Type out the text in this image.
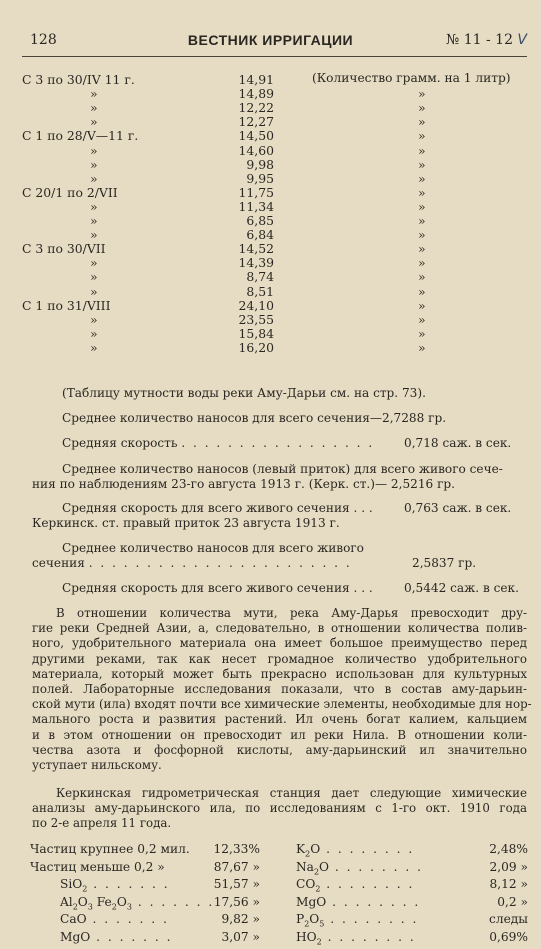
128	ВЕСТНИК ИРРИГАЦИИ	№ 11 - 12 V
(Количество грамм. на 1 литр)
С 3 по 30/IV 11 г.	14,91
»	14,89	»
»	12,22	»
»	12,27	»
С 1 по 28/V—11 г.	14,50	»
»	14,60	»
»	9,98	»
»	9,95	»
С 20/1 по 2/VII	11,75	»
»	11,34	»
»	6,85	»
»	6,84	»
С 3 по 30/VII	14,52	»
»	14,39	»
»	8,74	»
»	8,51	»
С 1 по 31/VIII	24,10	»
»	23,55	»
»	15,84	»
»	16,20	»
(Таблицу мутности воды реки Аму-Дарьи см. на стр. 73).
Среднее количество наносов для всего сечения—2,7288 гр.
Средняя скорость . . . . . . . . . . . . . . . . . 0,718 саж. в сек.
Среднее количество наносов (левый приток) для всего живого сече-
ния по наблюдениям 23-го августа 1913 г. (Керк. ст.)— 2,5216 гр.
Средняя скорость для всего живого сечения . . .	0,763 саж. в сек.
Керкинск. ст. правый приток 23 августа 1913 г.
Среднее количество наносов для всего живого
сечения . . . . . . . . . . . . . . . . . . . . . . .	2,5837 гр.
Средняя скорость для всего живого сечения . . .	0,5442 саж. в сек.
В отношении количества мути, река Аму-Дарья превосходит дру-
гие реки Средней Азии, а, следовательно, в отношении количества полив-
ного, удобрительного материала она имеет большое преимущество перед
другими реками, так как несет громадное количество удобрительного
материала, который может быть прекрасно использован для культурных
полей. Лабораторные исследования показали, что в состав аму-дарьин-
ской мути (ила) входят почти все химические элементы, необходимые для нор-
мального роста и развития растений. Ил очень богат калием, кальцием
и в этом отношении он превосходит ил реки Нила. В отношении коли-
чества азота и фосфорной кислоты, аму-дарьинский ил значительно
уступает нильскому.
Керкинская гидрометрическая станция дает следующие химические
анализы аму-дарьинского ила, по исследованиям с 1-го окт. 1910 года
по 2-е апреля 11 года.
Частиц крупнее 0,2 мил. 12,33%
Частиц меньше 0,2 »	87,67 »
SiO$_2$ . . . . . . .	51,57 »
$Al_2O_3$ $Fe_2O_3$ . . . . . . . 17,56 »
CaO . . . . . . .	9,82 »
MgO . . . . . . .	3,07 »
$K_2O$ . . . . . . . .	2,48%
$Na_2O$ . . . . . . . .	2,09 »
$CO_2$ . . . . . . . .	8,12 »
MgO . . . . . . . .	0,2 »
$P_2O_5$ . . . . . . . .	следы
$HO_2$ . . . . . . . .	0,69%
